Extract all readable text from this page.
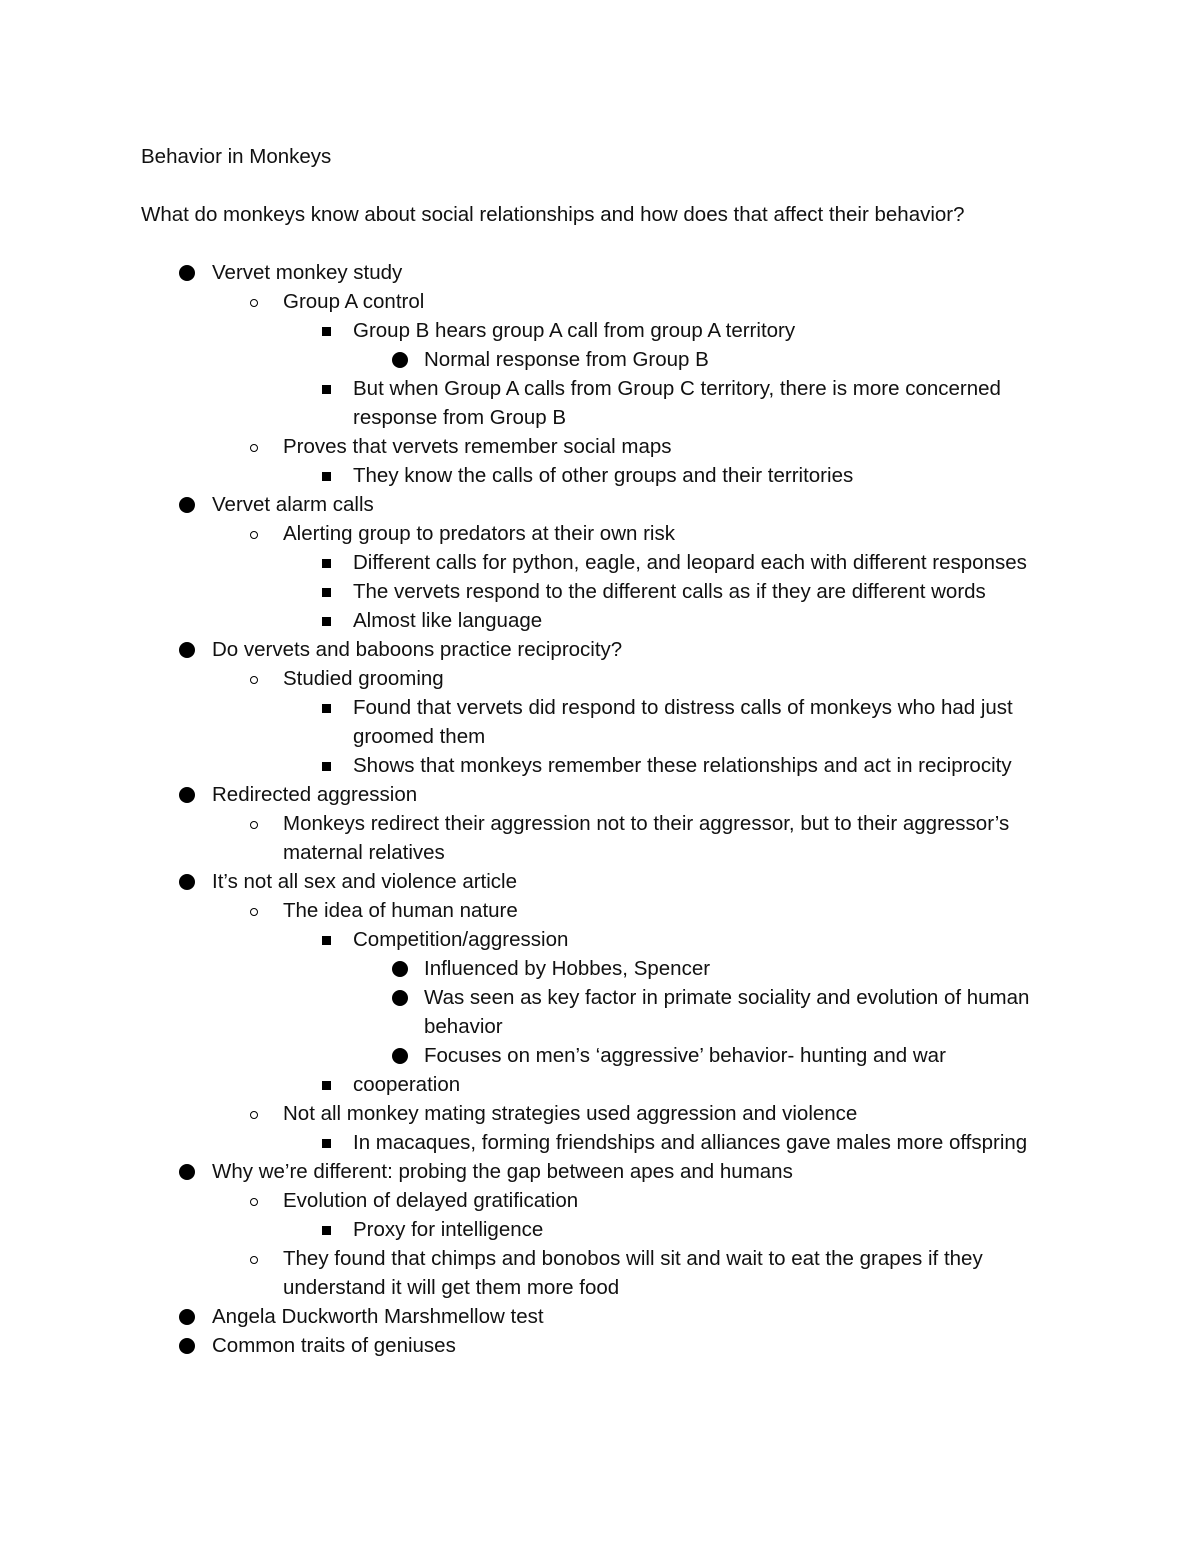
Behavior in Monkeys
What do monkeys know about social relationships and how does that affect their behavior?
Vervet monkey study
Group A control
Group B hears group A call from group A territory
Normal response from Group B
But when Group A calls from Group C territory, there is more concerned response from Group B
Proves that vervets remember social maps
They know the calls of other groups and their territories
Vervet alarm calls
Alerting group to predators at their own risk
Different calls for python, eagle, and leopard each with different responses
The vervets respond to the different calls as if they are different words
Almost like language
Do vervets and baboons practice reciprocity?
Studied grooming
Found that vervets did respond to distress calls of monkeys who had just groomed them
Shows that monkeys remember these relationships and act in reciprocity
Redirected aggression
Monkeys redirect their aggression not to their aggressor, but to their aggressor’s maternal relatives
It’s not all sex and violence article
The idea of human nature
Competition/aggression
Influenced by Hobbes, Spencer
Was seen as key factor in primate sociality and evolution of human behavior
Focuses on men’s ‘aggressive’ behavior- hunting and war
cooperation
Not all monkey mating strategies used aggression and violence
In macaques, forming friendships and alliances gave males more offspring
Why we’re different: probing the gap between apes and humans
Evolution of delayed gratification
Proxy for intelligence
They found that chimps and bonobos will sit and wait to eat the grapes if they understand it will get them more food
Angela Duckworth Marshmellow test
Common traits of geniuses
